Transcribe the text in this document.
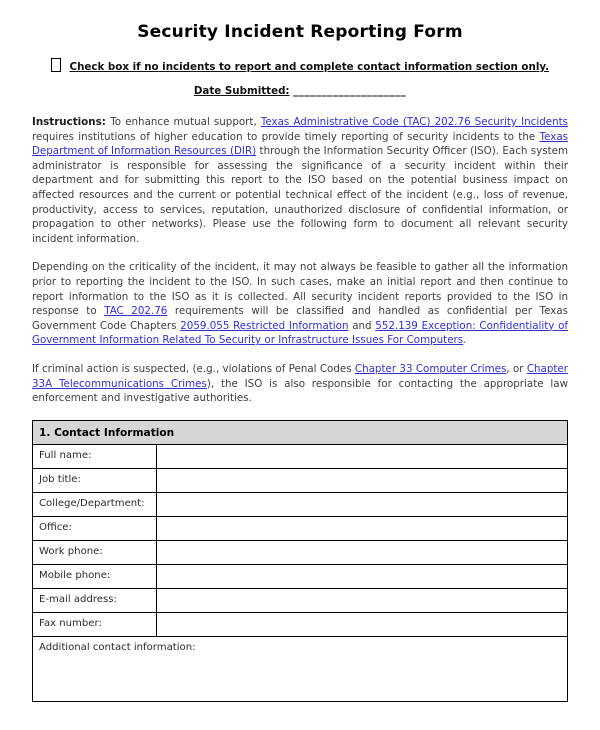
Security Incident Reporting Form
Check box if no incidents to report and complete contact information section only.
Date Submitted: ____________________

Instructions: To enhance mutual support, Texas Administrative Code (TAC) 202.76 Security Incidents requires institutions of higher education to provide timely reporting of security incidents to the Texas Department of Information Resources (DIR) through the Information Security Officer (ISO). Each system administrator is responsible for assessing the significance of a security incident within their department and for submitting this report to the ISO based on the potential business impact on affected resources and the current or potential technical effect of the incident (e.g., loss of revenue, productivity, access to services, reputation, unauthorized disclosure of confidential information, or propagation to other networks). Please use the following form to document all relevant security incident information.

Depending on the criticality of the incident, it may not always be feasible to gather all the information prior to reporting the incident to the ISO. In such cases, make an initial report and then continue to report information to the ISO as it is collected. All security incident reports provided to the ISO in response to TAC 202.76 requirements will be classified and handled as confidential per Texas Government Code Chapters 2059.055 Restricted Information and 552.139 Exception: Confidentiality of Government Information Related To Security or Infrastructure Issues For Computers.

If criminal action is suspected, (e.g., violations of Penal Codes Chapter 33 Computer Crimes, or Chapter 33A Telecommunications Crimes), the ISO is also responsible for contacting the appropriate law enforcement and investigative authorities.

1. Contact Information
Full name:
Job title:
College/Department:
Office:
Work phone:
Mobile phone:
E-mail address:
Fax number:
Additional contact information:
